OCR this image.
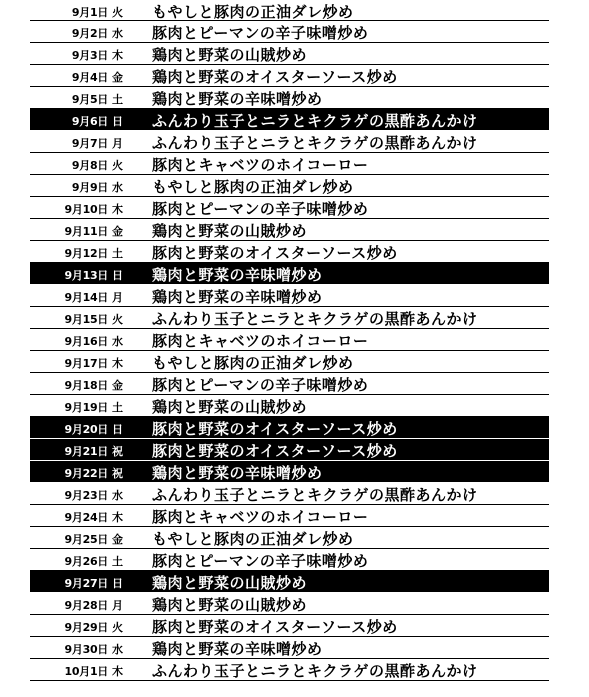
9月1日 火 もやしと豚肉の正油ダレ炒め
9月2日 水 豚肉とピーマンの辛子味噌炒め
9月3日 木 鶏肉と野菜の山賊炒め
9月4日 金 鶏肉と野菜のオイスターソース炒め
9月5日 土 鶏肉と野菜の辛味噌炒め
9月6日 日 ふんわり玉子とニラとキクラゲの黒酢あんかけ
9月7日 月 ふんわり玉子とニラとキクラゲの黒酢あんかけ
9月8日 火 豚肉とキャベツのホイコーロー
9月9日 水 もやしと豚肉の正油ダレ炒め
9月10日 木 豚肉とピーマンの辛子味噌炒め
9月11日 金 鶏肉と野菜の山賊炒め
9月12日 土 豚肉と野菜のオイスターソース炒め
9月13日 日 鶏肉と野菜の辛味噌炒め
9月14日 月 鶏肉と野菜の辛味噌炒め
9月15日 火 ふんわり玉子とニラとキクラゲの黒酢あんかけ
9月16日 水 豚肉とキャベツのホイコーロー
9月17日 木 もやしと豚肉の正油ダレ炒め
9月18日 金 豚肉とピーマンの辛子味噌炒め
9月19日 土 鶏肉と野菜の山賊炒め
9月20日 日 豚肉と野菜のオイスターソース炒め
9月21日 祝 豚肉と野菜のオイスターソース炒め
9月22日 祝 鶏肉と野菜の辛味噌炒め
9月23日 水 ふんわり玉子とニラとキクラゲの黒酢あんかけ
9月24日 木 豚肉とキャベツのホイコーロー
9月25日 金 もやしと豚肉の正油ダレ炒め
9月26日 土 豚肉とピーマンの辛子味噌炒め
9月27日 日 鶏肉と野菜の山賊炒め
9月28日 月 鶏肉と野菜の山賊炒め
9月29日 火 豚肉と野菜のオイスターソース炒め
9月30日 水 鶏肉と野菜の辛味噌炒め
10月1日 木 ふんわり玉子とニラとキクラゲの黒酢あんかけ
